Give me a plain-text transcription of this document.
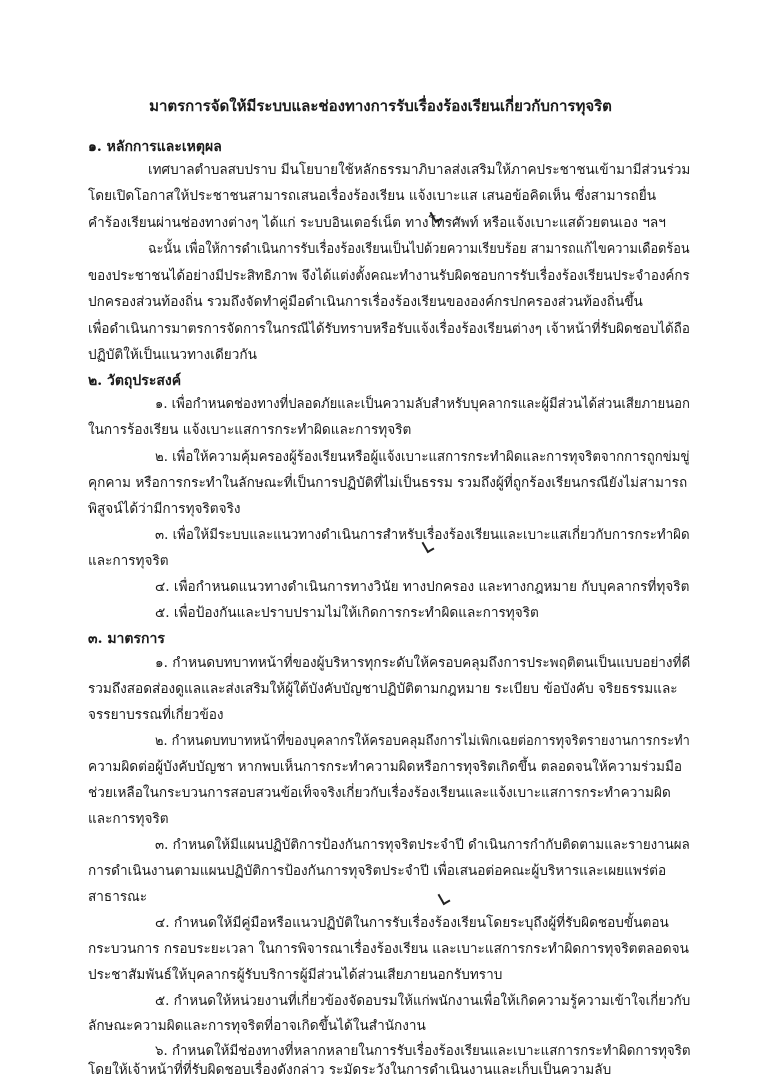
มาตรการจัดให้มีระบบและช่องทางการรับเรื่องร้องเรียนเกี่ยวกับการทุจริต
๑. หลักการและเหตุผล
เทศบาลตำบลสบปราบ มีนโยบายใช้หลักธรรมาภิบาลส่งเสริมให้ภาคประชาชนเข้ามามีส่วนร่วม
โดยเปิดโอกาสให้ประชาชนสามารถเสนอเรื่องร้องเรียน แจ้งเบาะแส เสนอข้อคิดเห็น ซึ่งสามารถยื่น
คำร้องเรียนผ่านช่องทางต่างๆ ได้แก่ ระบบอินเตอร์เน็ต ทางโทรศัพท์ หรือแจ้งเบาะแสด้วยตนเอง ฯลฯ
ฉะนั้น เพื่อให้การดำเนินการรับเรื่องร้องเรียนเป็นไปด้วยความเรียบร้อย สามารถแก้ไขความเดือดร้อน
ของประชาชนได้อย่างมีประสิทธิภาพ จึงได้แต่งตั้งคณะทำงานรับผิดชอบการรับเรื่องร้องเรียนประจำองค์กร
ปกครองส่วนท้องถิ่น รวมถึงจัดทำคู่มือดำเนินการเรื่องร้องเรียนขององค์กรปกครองส่วนท้องถิ่นขึ้น
เพื่อดำเนินการมาตรการจัดการในกรณีได้รับทราบหรือรับแจ้งเรื่องร้องเรียนต่างๆ เจ้าหน้าที่รับผิดชอบได้ถือ
ปฏิบัติให้เป็นแนวทางเดียวกัน
๒. วัตถุประสงค์
๑. เพื่อกำหนดช่องทางที่ปลอดภัยและเป็นความลับสำหรับบุคลากรและผู้มีส่วนได้ส่วนเสียภายนอก
ในการร้องเรียน แจ้งเบาะแสการกระทำผิดและการทุจริต
๒. เพื่อให้ความคุ้มครองผู้ร้องเรียนหรือผู้แจ้งเบาะแสการกระทำผิดและการทุจริตจากการถูกข่มขู่
คุกคาม หรือการกระทำในลักษณะที่เป็นการปฏิบัติที่ไม่เป็นธรรม รวมถึงผู้ที่ถูกร้องเรียนกรณียังไม่สามารถ
พิสูจน์ได้ว่ามีการทุจริตจริง
๓. เพื่อให้มีระบบและแนวทางดำเนินการสำหรับเรื่องร้องเรียนและเบาะแสเกี่ยวกับการกระทำผิด
และการทุจริต
๔. เพื่อกำหนดแนวทางดำเนินการทางวินัย ทางปกครอง และทางกฎหมาย กับบุคลากรที่ทุจริต
๕. เพื่อป้องกันและปราบปรามไม่ให้เกิดการกระทำผิดและการทุจริต
๓. มาตรการ
๑. กำหนดบทบาทหน้าที่ของผู้บริหารทุกระดับให้ครอบคลุมถึงการประพฤติตนเป็นแบบอย่างที่ดี
รวมถึงสอดส่องดูแลและส่งเสริมให้ผู้ใต้บังคับบัญชาปฏิบัติตามกฎหมาย ระเบียบ ข้อบังคับ จริยธรรมและ
จรรยาบรรณที่เกี่ยวข้อง
๒. กำหนดบทบาทหน้าที่ของบุคลากรให้ครอบคลุมถึงการไม่เพิกเฉยต่อการทุจริตรายงานการกระทำ
ความผิดต่อผู้บังคับบัญชา หากพบเห็นการกระทำความผิดหรือการทุจริตเกิดขึ้น ตลอดจนให้ความร่วมมือ
ช่วยเหลือในกระบวนการสอบสวนข้อเท็จจริงเกี่ยวกับเรื่องร้องเรียนและแจ้งเบาะแสการกระทำความผิด
และการทุจริต
๓. กำหนดให้มีแผนปฏิบัติการป้องกันการทุจริตประจำปี ดำเนินการกำกับติดตามและรายงานผล
การดำเนินงานตามแผนปฏิบัติการป้องกันการทุจริตประจำปี เพื่อเสนอต่อคณะผู้บริหารและเผยแพร่ต่อ
สาธารณะ
๔. กำหนดให้มีคู่มือหรือแนวปฏิบัติในการรับเรื่องร้องเรียนโดยระบุถึงผู้ที่รับผิดชอบขั้นตอน
กระบวนการ กรอบระยะเวลา ในการพิจารณาเรื่องร้องเรียน และเบาะแสการกระทำผิดการทุจริตตลอดจน
ประชาสัมพันธ์ให้บุคลากรผู้รับบริการผู้มีส่วนได้ส่วนเสียภายนอกรับทราบ
๕. กำหนดให้หน่วยงานที่เกี่ยวข้องจัดอบรมให้แก่พนักงานเพื่อให้เกิดความรู้ความเข้าใจเกี่ยวกับ
ลักษณะความผิดและการทุจริตที่อาจเกิดขึ้นได้ในสำนักงาน
๖. กำหนดให้มีช่องทางที่หลากหลายในการรับเรื่องร้องเรียนและเบาะแสการกระทำผิดการทุจริต
โดยให้เจ้าหน้าที่ที่รับผิดชอบเรื่องดังกล่าว ระมัดระวังในการดำเนินงานและเก็บเป็นความลับ
